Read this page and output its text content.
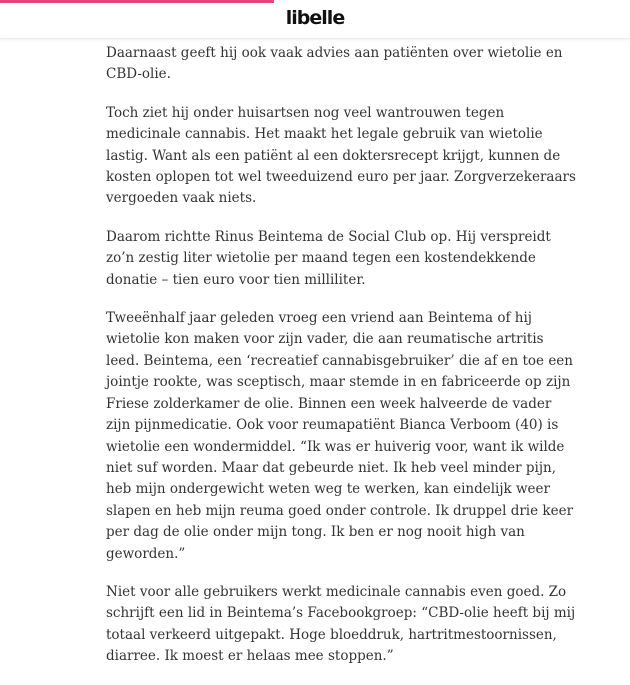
libelle

Daarnaast geeft hij ook vaak advies aan patiënten over wietolie en CBD-olie.

Toch ziet hij onder huisartsen nog veel wantrouwen tegen medicinale cannabis. Het maakt het legale gebruik van wietolie lastig. Want als een patiënt al een doktersrecept krijgt, kunnen de kosten oplopen tot wel tweeduizend euro per jaar. Zorgverzekeraars vergoeden vaak niets.

Daarom richtte Rinus Beintema de Social Club op. Hij verspreidt zo’n zestig liter wietolie per maand tegen een kostendekkende donatie – tien euro voor tien milliliter.

Tweeënhalf jaar geleden vroeg een vriend aan Beintema of hij wietolie kon maken voor zijn vader, die aan reumatische artritis leed. Beintema, een ‘recreatief cannabisgebruiker’ die af en toe een jointje rookte, was sceptisch, maar stemde in en fabriceerde op zijn Friese zolderkamer de olie. Binnen een week halveerde de vader zijn pijnmedicatie. Ook voor reumapatiënt Bianca Verboom (40) is wietolie een wondermiddel. “Ik was er huiverig voor, want ik wilde niet suf worden. Maar dat gebeurde niet. Ik heb veel minder pijn, heb mijn ondergewicht weten weg te werken, kan eindelijk weer slapen en heb mijn reuma goed onder controle. Ik druppel drie keer per dag de olie onder mijn tong. Ik ben er nog nooit high van geworden.”

Niet voor alle gebruikers werkt medicinale cannabis even goed. Zo schrijft een lid in Beintema’s Facebookgroep: “CBD-olie heeft bij mij totaal verkeerd uitgepakt. Hoge bloeddruk, hartritmestoornissen, diarree. Ik moest er helaas mee stoppen.”
